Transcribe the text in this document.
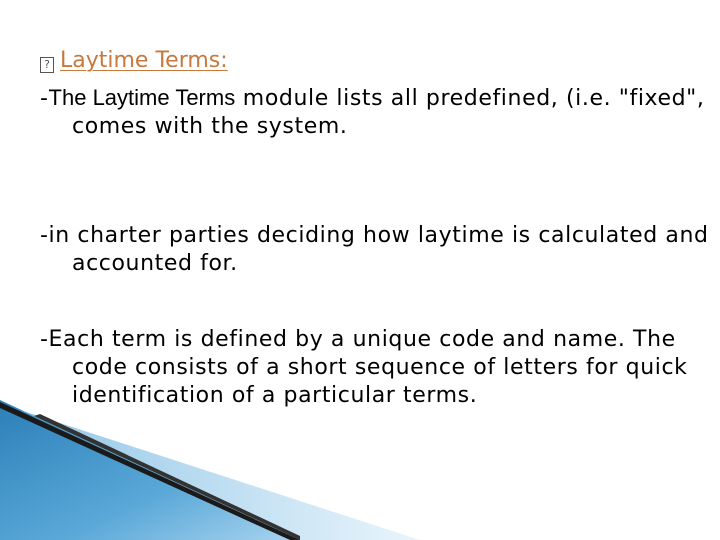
? Laytime Terms:
-The Laytime Terms module lists all predefined, (i.e. "fixed", comes with the system.
-in charter parties deciding how laytime is calculated and accounted for.
-Each term is defined by a unique code and name. The code consists of a short sequence of letters for quick identification of a particular terms.
